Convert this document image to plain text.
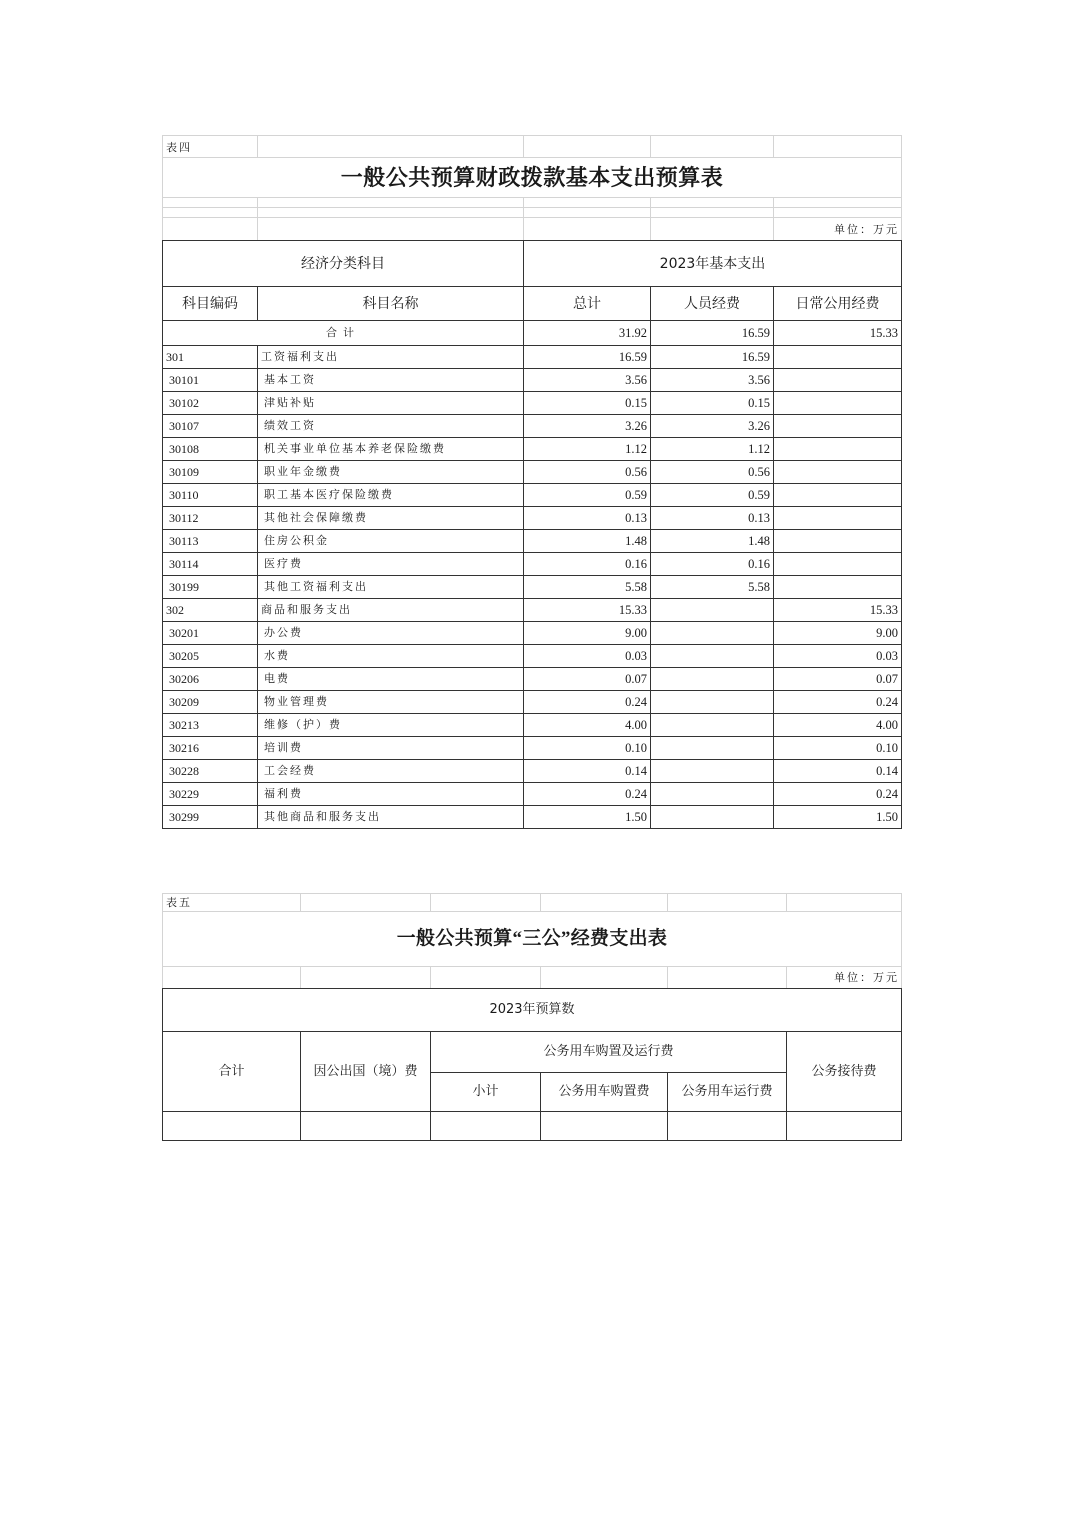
表四				
一般公共预算财政拨款基本支出预算表				

				单位：万元
经济分类科目		2023年基本支出		
科目编码	科目名称	总计	人员经费	日常公用经费
合计		31.92	16.59	15.33
301	工资福利支出	16.59	16.59	
30101	基本工资	3.56	3.56	
30102	津贴补贴	0.15	0.15	
30107	绩效工资	3.26	3.26	
30108	机关事业单位基本养老保险缴费	1.12	1.12	
30109	职业年金缴费	0.56	0.56	
30110	职工基本医疗保险缴费	0.59	0.59	
30112	其他社会保障缴费	0.13	0.13	
30113	住房公积金	1.48	1.48	
30114	医疗费	0.16	0.16	
30199	其他工资福利支出	5.58	5.58	
302	商品和服务支出	15.33		15.33
30201	办公费	9.00		9.00
30205	水费	0.03		0.03
30206	电费	0.07		0.07
30209	物业管理费	0.24		0.24
30213	维修（护）费	4.00		4.00
30216	培训费	0.10		0.10
30228	工会经费	0.14		0.14
30229	福利费	0.24		0.24
30299	其他商品和服务支出	1.50		1.50
表五					
一般公共预算“三公”经费支出表					
					单位：万元
2023年预算数					
合计	因公出国（境）费	公务用车购置及运行费			公务接待费
		小计	公务用车购置费	公务用车运行费	
